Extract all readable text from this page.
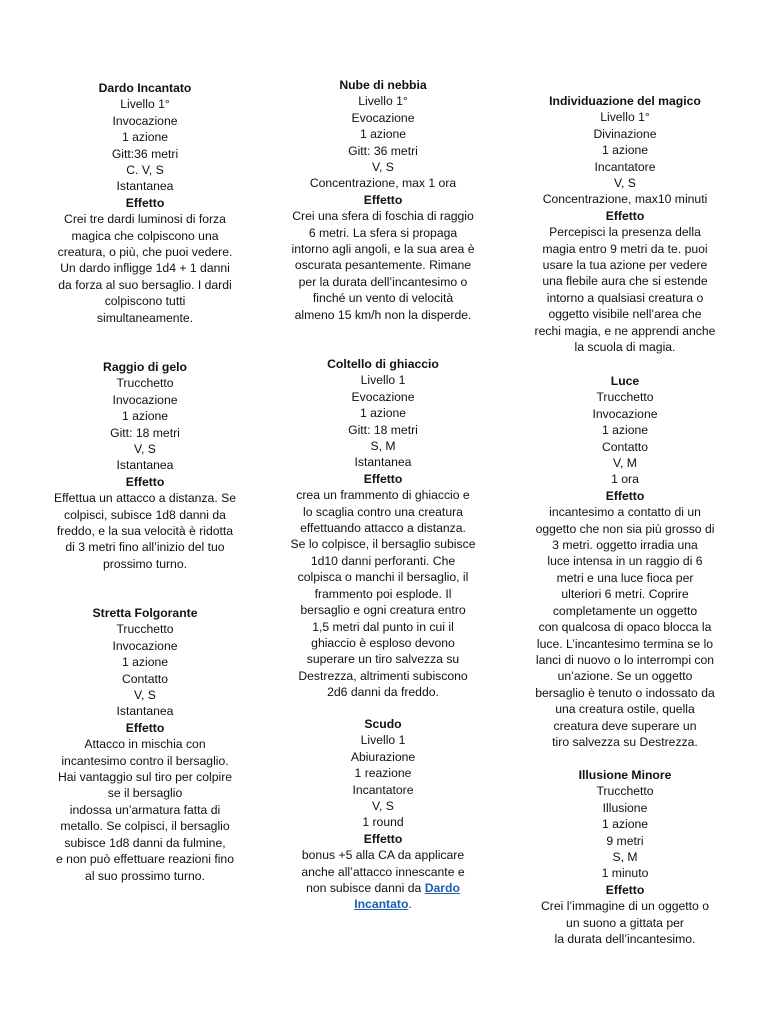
Dardo Incantato
Livello 1°
Invocazione
1 azione
Gitt:36 metri
C. V, S
Istantanea
Effetto
Crei tre dardi luminosi di forza
magica che colpiscono una
creatura, o più, che puoi vedere.
Un dardo infligge 1d4 + 1 danni
da forza al suo bersaglio. I dardi
colpiscono tutti
simultaneamente.
Raggio di gelo
Trucchetto
Invocazione
1 azione
Gitt: 18 metri
V, S
Istantanea
Effetto
Effettua un attacco a distanza. Se
colpisci, subisce 1d8 danni da
freddo, e la sua velocità è ridotta
di 3 metri fino all’inizio del tuo
prossimo turno.
Stretta Folgorante
Trucchetto
Invocazione
1 azione
Contatto
V, S
Istantanea
Effetto
Attacco in mischia con
incantesimo contro il bersaglio.
Hai vantaggio sul tiro per colpire
se il bersaglio
indossa un’armatura fatta di
metallo. Se colpisci, il bersaglio
subisce 1d8 danni da fulmine,
e non può effettuare reazioni fino
al suo prossimo turno.
Nube di nebbia
Livello 1°
Evocazione
1 azione
Gitt: 36 metri
V, S
Concentrazione, max 1 ora
Effetto
Crei una sfera di foschia di raggio
6 metri. La sfera si propaga
intorno agli angoli, e la sua area è
oscurata pesantemente. Rimane
per la durata dell’incantesimo o
finché un vento di velocità
almeno 15 km/h non la disperde.
Coltello di ghiaccio
Livello 1
Evocazione
1 azione
Gitt: 18 metri
S, M
Istantanea
Effetto
crea un frammento di ghiaccio e
lo scaglia contro una creatura
effettuando attacco a distanza.
Se lo colpisce, il bersaglio subisce
1d10 danni perforanti. Che
colpisca o manchi il bersaglio, il
frammento poi esplode. Il
bersaglio e ogni creatura entro
1,5 metri dal punto in cui il
ghiaccio è esploso devono
superare un tiro salvezza su
Destrezza, altrimenti subiscono
2d6 danni da freddo.
Scudo
Livello 1
Abiurazione
1 reazione
Incantatore
V, S
1 round
Effetto
bonus +5 alla CA da applicare
anche all’attacco innescante e
non subisce danni da Dardo
Incantato.
Individuazione del magico
Livello 1°
Divinazione
1 azione
Incantatore
V, S
Concentrazione, max10 minuti
Effetto
Percepisci la presenza della
magia entro 9 metri da te. puoi
usare la tua azione per vedere
una flebile aura che si estende
intorno a qualsiasi creatura o
oggetto visibile nell’area che
rechi magia, e ne apprendi anche
la scuola di magia.
Luce
Trucchetto
Invocazione
1 azione
Contatto
V, M
1 ora
Effetto
incantesimo a contatto di un
oggetto che non sia più grosso di
3 metri. oggetto irradia una
luce intensa in un raggio di 6
metri e una luce fioca per
ulteriori 6 metri. Coprire
completamente un oggetto
con qualcosa di opaco blocca la
luce. L’incantesimo termina se lo
lanci di nuovo o lo interrompi con
un’azione. Se un oggetto
bersaglio è tenuto o indossato da
una creatura ostile, quella
creatura deve superare un
tiro salvezza su Destrezza.
Illusione Minore
Trucchetto
Illusione
1 azione
9 metri
S, M
1 minuto
Effetto
Crei l’immagine di un oggetto o
un suono a gittata per
la durata dell’incantesimo.
